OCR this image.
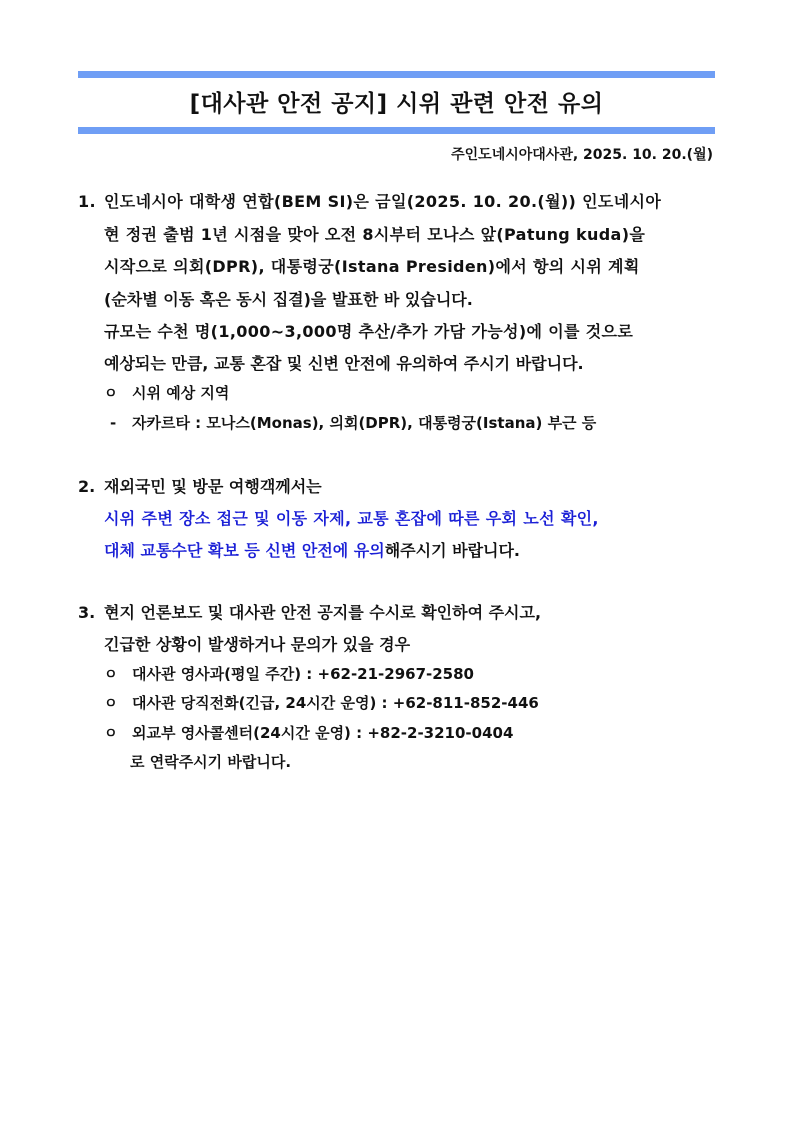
[대사관 안전 공지] 시위 관련 안전 유의
주인도네시아대사관, 2025. 10. 20.(월)
1. 인도네시아 대학생 연합(BEM SI)은 금일(2025. 10. 20.(월)) 인도네시아
현 정권 출범 1년 시점을 맞아 오전 8시부터 모나스 앞(Patung kuda)을
시작으로 의회(DPR), 대통령궁(Istana Presiden)에서 항의 시위 계획
(순차별 이동 혹은 동시 집결)을 발표한 바 있습니다.
규모는 수천 명(1,000~3,000명 추산/추가 가담 가능성)에 이를 것으로
예상되는 만큼, 교통 혼잡 및 신변 안전에 유의하여 주시기 바랍니다.
ㅇ 시위 예상 지역
- 자카르타 : 모나스(Monas), 의회(DPR), 대통령궁(Istana) 부근 등
2. 재외국민 및 방문 여행객께서는
시위 주변 장소 접근 및 이동 자제, 교통 혼잡에 따른 우회 노선 확인,
대체 교통수단 확보 등 신변 안전에 유의해주시기 바랍니다.
3. 현지 언론보도 및 대사관 안전 공지를 수시로 확인하여 주시고,
긴급한 상황이 발생하거나 문의가 있을 경우
ㅇ 대사관 영사과(평일 주간) : +62-21-2967-2580
ㅇ 대사관 당직전화(긴급, 24시간 운영) : +62-811-852-446
ㅇ 외교부 영사콜센터(24시간 운영) : +82-2-3210-0404
로 연락주시기 바랍니다.
